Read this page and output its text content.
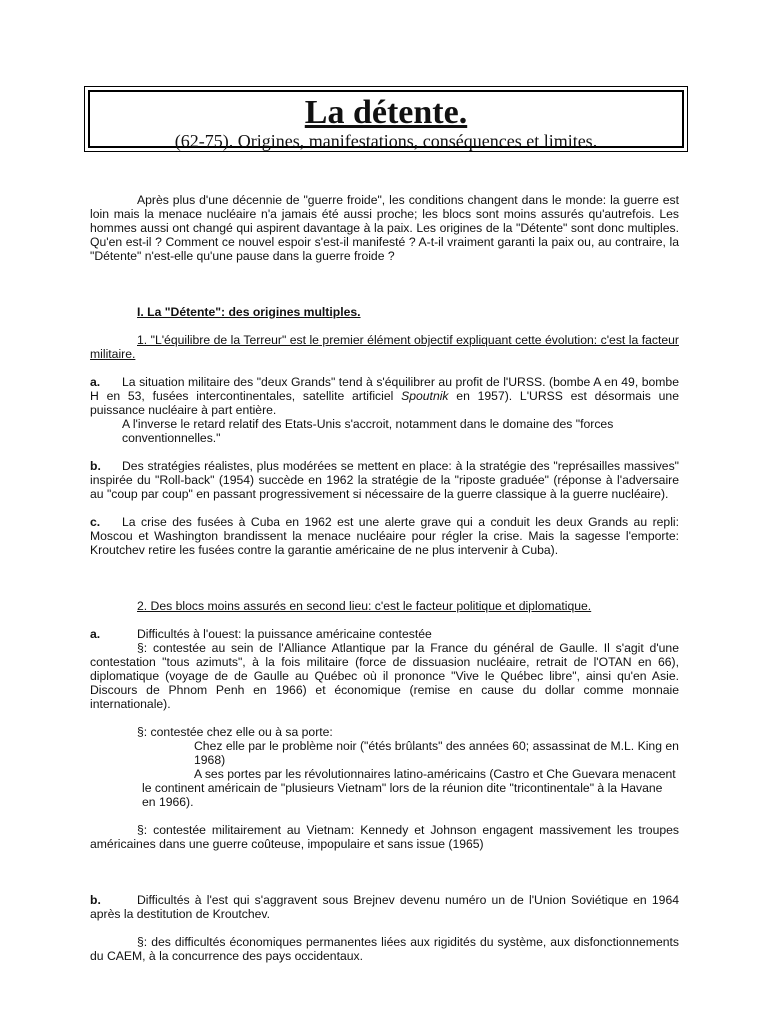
La détente.
(62-75). Origines, manifestations, conséquences et limites.

Après plus d'une décennie de "guerre froide", les conditions changent dans le monde: la guerre est loin mais la menace nucléaire n'a jamais été aussi proche; les blocs sont moins assurés qu'autrefois. Les hommes aussi ont changé qui aspirent davantage à la paix. Les origines de la "Détente" sont donc multiples. Qu'en est-il ? Comment ce nouvel espoir s'est-il manifesté ? A-t-il vraiment garanti la paix ou, au contraire, la "Détente" n'est-elle qu'une pause dans la guerre froide ?

I. La "Détente": des origines multiples.

1. "L'équilibre de la Terreur" est le premier élément objectif expliquant cette évolution: c'est la facteur militaire.

a. La situation militaire des "deux Grands" tend à s'équilibrer au profit de l'URSS. (bombe A en 49, bombe H en 53, fusées intercontinentales, satellite artificiel Spoutnik en 1957). L'URSS est désormais une puissance nucléaire à part entière.

A l'inverse le retard relatif des Etats-Unis s'accroit, notamment dans le domaine des "forces conventionnelles."

b. Des stratégies réalistes, plus modérées se mettent en place: à la stratégie des "représailles massives" inspirée du "Roll-back" (1954) succède en 1962 la stratégie de la "riposte graduée" (réponse à l'adversaire au "coup par coup" en passant progressivement si nécessaire de la guerre classique à la guerre nucléaire).

c. La crise des fusées à Cuba en 1962 est une alerte grave qui a conduit les deux Grands au repli: Moscou et Washington brandissent la menace nucléaire pour régler la crise. Mais la sagesse l'emporte: Kroutchev retire les fusées contre la garantie américaine de ne plus intervenir à Cuba).

2. Des blocs moins assurés en second lieu: c'est le facteur politique et diplomatique.

a.	Difficultés à l'ouest: la puissance américaine contestée

§: contestée au sein de l'Alliance Atlantique par la France du général de Gaulle. Il s'agit d'une contestation "tous azimuts", à la fois militaire (force de dissuasion nucléaire, retrait de l'OTAN en 66), diplomatique (voyage de de Gaulle au Québec où il prononce "Vive le Québec libre", ainsi qu'en Asie. Discours de Phnom Penh en 1966) et économique (remise en cause du dollar comme monnaie internationale).

§: contestée chez elle ou à sa porte:

Chez elle par le problème noir ("étés brûlants" des années 60; assassinat de M.L. King en 1968)

A ses portes par les révolutionnaires latino-américains (Castro et Che Guevara menacent le continent américain de "plusieurs Vietnam" lors de la réunion dite "tricontinentale" à la Havane en 1966).

§: contestée militairement au Vietnam: Kennedy et Johnson engagent massivement les troupes américaines dans une guerre coûteuse, impopulaire et sans issue (1965)

b.	Difficultés à l'est qui s'aggravent sous Brejnev devenu numéro un de l'Union Soviétique en 1964 après la destitution de Kroutchev.

§: des difficultés économiques permanentes liées aux rigidités du système, aux disfonctionnements du CAEM, à la concurrence des pays occidentaux.
